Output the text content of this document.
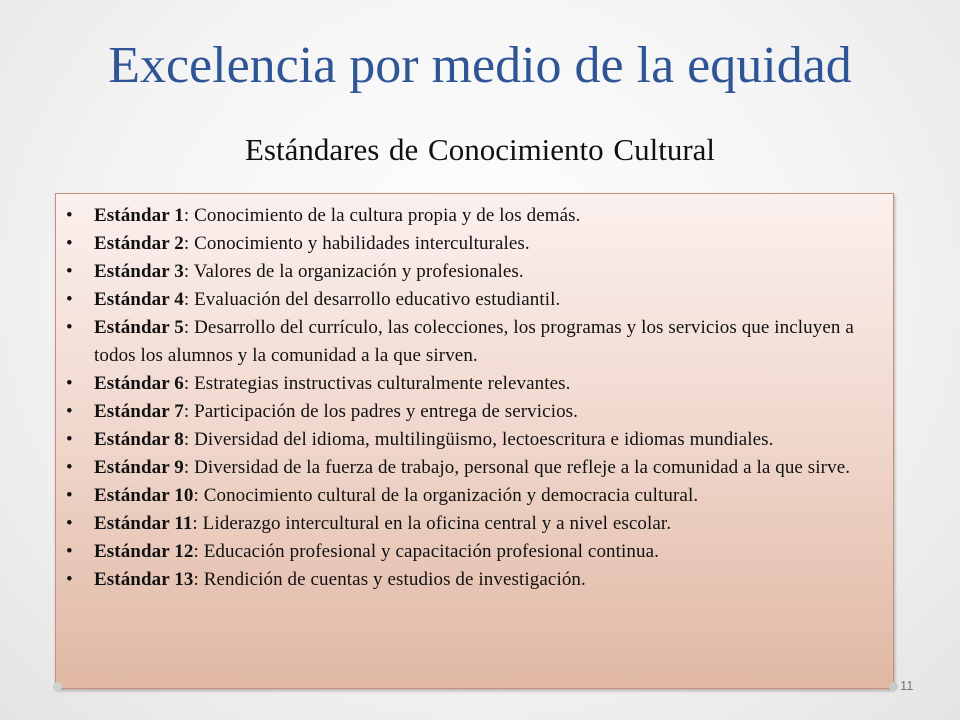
Excelencia por medio de la equidad
Estándares de Conocimiento Cultural
• Estándar 1: Conocimiento de la cultura propia y de los demás.
• Estándar 2: Conocimiento y habilidades interculturales.
• Estándar 3: Valores de la organización y profesionales.
• Estándar 4: Evaluación del desarrollo educativo estudiantil.
• Estándar 5: Desarrollo del currículo, las colecciones, los programas y los servicios que incluyen a todos los alumnos y la comunidad a la que sirven.
• Estándar 6: Estrategias instructivas culturalmente relevantes.
• Estándar 7: Participación de los padres y entrega de servicios.
• Estándar 8: Diversidad del idioma, multilingüismo, lectoescritura e idiomas mundiales.
• Estándar 9: Diversidad de la fuerza de trabajo, personal que refleje a la comunidad a la que sirve.
• Estándar 10: Conocimiento cultural de la organización y democracia cultural.
• Estándar 11: Liderazgo intercultural en la oficina central y a nivel escolar.
• Estándar 12: Educación profesional y capacitación profesional continua.
• Estándar 13: Rendición de cuentas y estudios de investigación.
11
